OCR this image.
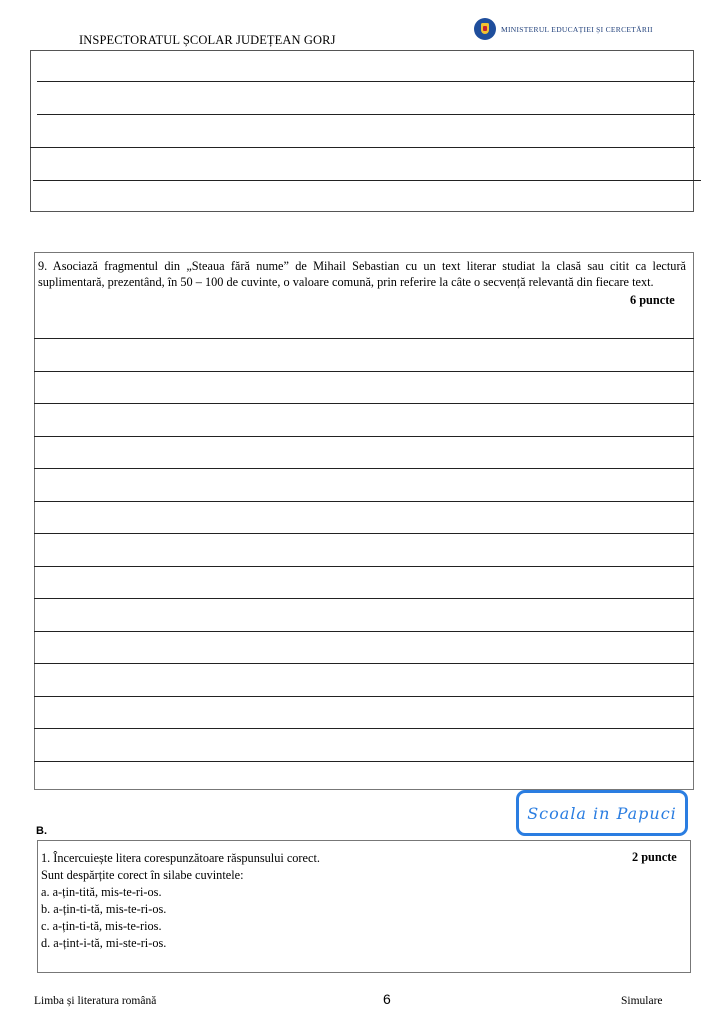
INSPECTORATUL ȘCOLAR JUDEȚEAN GORJ
MINISTERUL EDUCAȚIEI ȘI CERCETĂRII
9. Asociază fragmentul din „Steaua fără nume” de Mihail Sebastian cu un text literar studiat la clasă sau citit ca lectură suplimentară, prezentând, în 50 – 100 de cuvinte, o valoare comună, prin referire la câte o secvență relevantă din fiecare text.
6 puncte
Scoala in Papuci
B.
1. Încercuiește litera corespunzătoare răspunsului corect.
Sunt despărțite corect în silabe cuvintele:
a. a-țin-tită, mis-te-ri-os.
b. a-țin-ti-tă, mis-te-ri-os.
c. a-țin-ti-tă, mis-te-rios.
d. a-țint-i-tă, mi-ste-ri-os.
2 puncte
Limba și literatura română	6	Simulare
